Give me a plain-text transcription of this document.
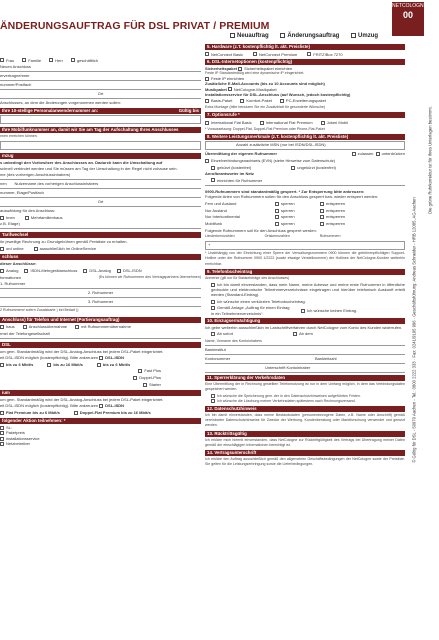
ÄNDERUNGSAUFTRAG FÜR DSL PRIVAT / PREMIUM
NETCOLOGNE
00
Neuauftrag	Änderungsauftrag	Umzug
Frau	Familie	Herr	geschäftlich
Neuen Anschluss
ervertragnehmer
nummer/Postfach
Ort
Anschlusses, an dem die Änderungen vorgenommen werden sollen:
Ihre 10-stellige Personalanwendernummer an:	Gültig bis
Ihre Mobilfunknummer an, damit wir Sie am Tag der Aufschaltung Ihres Anschlusses
nnen erreichen können.
mzug
s unbedingt den Vorbesitzer des Anschlusses an. Dadurch kann die Umschaltung auf
schnell verbindet werden und Sie müssen am Tag der Umschaltung in der Regel nicht zuhause sein.
me (des vorherigen Anschlussinhabers)
nen Nutzername des vorherigen Anschlussinhabers
nummer, Etage/Postfach
Ort
auswählung für den Anschluss:
hnen	Mehrfamilienhaus
z.B. Etage)
Tarifwechsel
ihr jeweilige Rechnung zu Grundgebühren gemäß Preisliste zu erhalten.
ord online	ausschließlich im OnlineService
schluss
dieser Anschlüsse:
Analog	ISDN-Mehrgerätanschluss	DSL-Analog	DSL-ISDN
formationen	(Es können wir Rufnummern des Vertragspartners übernehmen)
1. Rufnummer
2. Rufnummer
3. Rufnummer
2 Rufnummern/ sofern Zusatzkarte ) bei Bedarf ))
Anschluss) für Telefon und Internet (Portierungsauftrag)
haus	Anschlussübernahme	mit Rufnummernübernahme
rmel der Telefongesellschaft
DSL
um gem. Standardmäßig wird der DSL-Analog-Anschluss bei jedem DSL-Paket eingerichtet.
eit DSL-ISDN möglich (kostenpflichtig). Bitte ankreuzen DSL-ISDN
bis zu 6 Mbit/s	bis zu 16 Mbit/s	bis zu 6 Mbit/s
Fast Plus
Doppel-Plus
Starter
ium
um gem. Standardmäßig wird der DSL-Analog-Anschluss bei jedem DSL-Paket eingerichtet.
eit DSL-ISDN möglich (kostenpflichtig). Bitte ankreuzen DSL-ISDN
Flat Premium bis zu 6 Mbit/s	Doppel-Flat Premium bis zu 16 Mbit/s
folgender Aktion teilnehmen: *
SL:
Paketpreis
installationsservice
Netzbetreiber
5. Hardware (z.T. kostenpflichtig lt. akt. Preisliste)
NetConnect Basic	NetConnect Premium	FRITZ!Box 7270
6. DSL-Internetoptionen (kostenpflichtig)
Sicherheitspaket Sicherheitspaket einrichten
Feste IP Standardmäßig wird eine dynamische IP eingerichtet.
Feste IP einrichten
Zusätzliche E-Mail-Accounts (bis zu 10 Accounts sind möglich)
Musikpaket NetCologne-Musikpaket
Installationsservice für DSL-Anschluss (auf Wunsch, jedoch kostenpflichtig)
Basis-Paket	Komfort-Paket	PC-Erweiterungspaket
Extra Montage (bitte benutzen Sie ein Zusatzblatt für gesonderte Wünsche)
7. Optionsrufe *
International Flat Basic	International Flat Premium	Jokeri Mobil
* Voraussetzung: Doppel-Flat, Doppel-Flat Premium oder Phone-Flat-Paket
8. Weitere Leistungsmerkmale (z.T. kostenpflichtig lt. akt. Preisliste)
Anzahl zusätzliche MSN (nur bei ISDN/DSL-ISDN)
Übermittlung der eigenen Rufnummer	zulassen unterdrücken
Einzelverbindungsnachweis (EVN) (siehe Hinweise zum Datenschutz)
gekürzt (kostenfrei)	ungekürzt (kostenfrei)
Anrufbeantworter im Netz
einrichten für Rufnummer
0900-Rufnummern sind standardmäßig gesperrt. * Zur Entsperrung bitte ankreuzen:
Folgende Arten von Rufnummern sollen für den Anschluss gesperrt bzw. wieder entsperrt werden:
Fern und Ausland	sperren	entsperren
Nur Ausland	sperren	entsperren
Nur Interkontinental	sperren	entsperren
Mobilfunk	sperren	entsperren
Folgende Rufnummern soll für den Anschluss gesperrt werden:
Länderkennzahlen	Ortskennzahlen	Rufnummern
+
* Unabhängig von der Einrichtung einer Sperre der Verwaltungsnummern 0900 können die gebührenpflichtigen Support-Hotline unter der Rufnummer 0900 1/2222 (sowie etwaige Verstellnummer) der Hotlines der NetCologne-Kunden weiterhin erreichbar.
9. Telefonbucheintrag
Anmerke (gilt nur für Basiseinträge des Anschlusses)
Ich bin damit einverstanden, dass mein Name, meine Adresse und meine erste Rufnummer in öffentliche gedruckte und elektronische Teilnehmerverzeichnisse eingetragen und hierüber telefonisch Auskunft erteilt werden (Standard-Eintrag).
Ich wünsche einen verkürzten Telefonbucheintrag.
Gemäß Anlage „Auftrag für einen Eintrag in ein Teilnehmerverzeichnis“.
Ich wünsche keinen Eintrag.
10. Einzugsermächtigung
Ich gebe weiterhin ausschließlich im Lastschriftverfahren durch NetCologne vom Konto des Kunden widerrufen.
Ab sofort	Ab dem
Name, Vorname des Kontoinhabers
Bankinstitut
Kontonummer	Bankleitzahl
Unterschrift Kontoinhaber
11. Sperrerklärung der Verkehrsdaten
Eine Übermittlung der in Rechnung gestellten Telefonnutzung ist nur in dem Umfang möglich, in dem das Verbindungsdaten gespeichert werden.
Ich wünsche die Speicherung gem. der in den Datenschutzhinweisen aufgeführten Fristen.
Ich wünsche die Löschung meiner Verkehrsdaten spätestens nach Rechnungsversand.
12. Datenschutzhinweis
Ich bin damit einverstanden, dass meine Bestandsdaten (personenbezogene Daten, z.B. Name oder Anschrift) gemäß vereinbarter Datenschutzhinweise für Zwecke der Werbung, Kundenberatung oder Marktforschung verwendet und genutzt werden.
13. Rücktrittsgültig
Ich erkläre mich hiermit einverstanden, dass NetCologne zur Rücktrittgültigkeit des Vertrags bei Übertragung meiner Daten gemäß der einschlägigen Informationen berechtigt ist.
14. Vertragsunterschrift
Ich erkläre den Auftrag ausschließlich gemäß den allgemeinen Geschäftsbedingungen der NetCologne sowie der Preisliste. Sie gelten für die Leistungserbringung sowie die Lieferbedingungen.
© Gültig für DSL - 50970 Aachen - Tel.: 0800 2222 333 · Fax: 0241/9195 996 · Geschäftsführung: Andreas Schneider - HRB 12085, AG Aachen
Die grüne Ruhrkorrektur ist für Ihres Unterlagen bestimmt.
